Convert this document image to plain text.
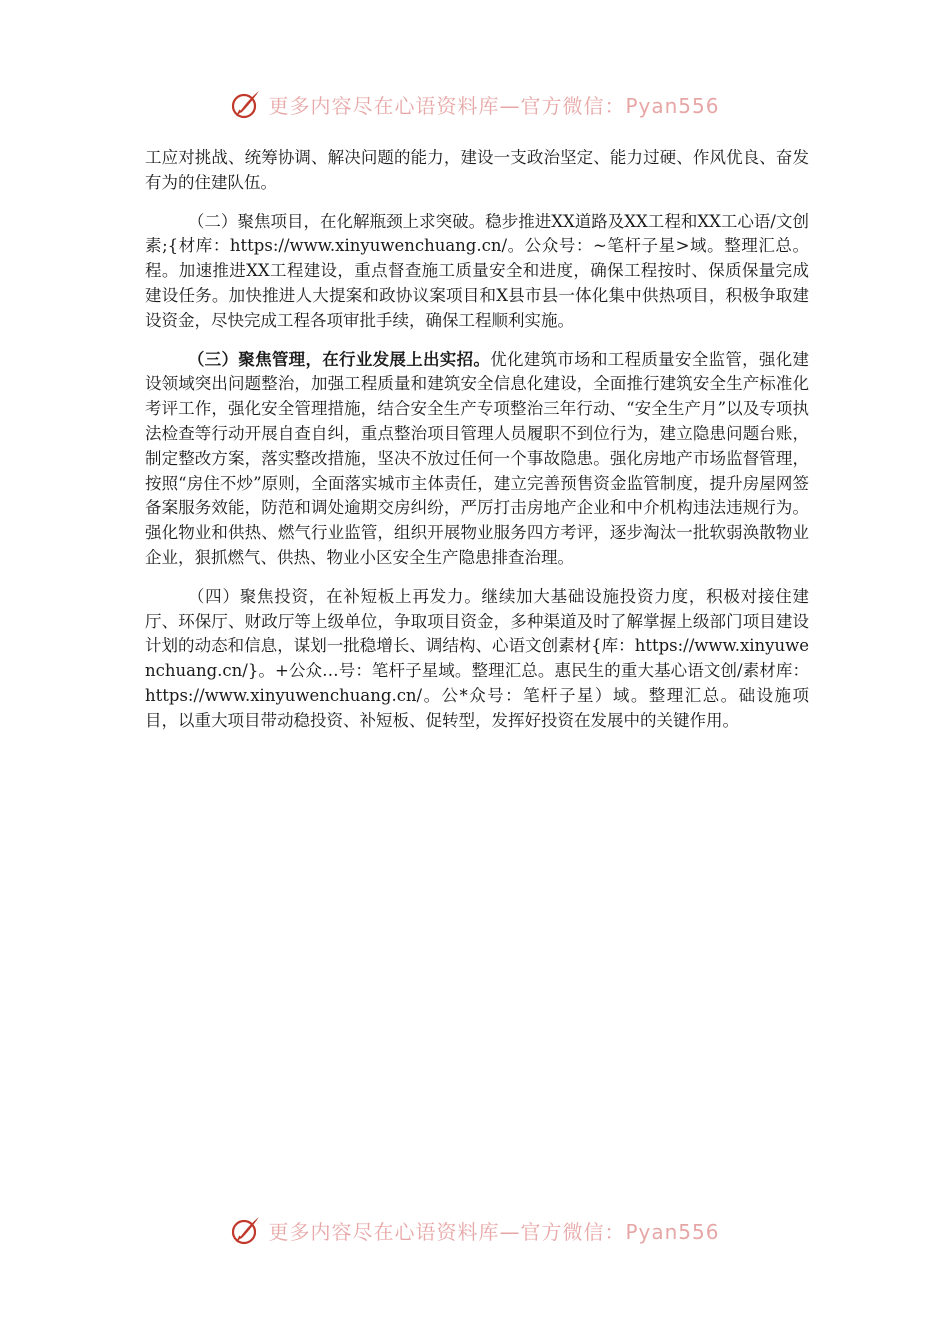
更多内容尽在心语资料库—官方微信：Pyan556

工应对挑战、统筹协调、解决问题的能力，建设一支政治坚定、能力过硬、作风优良、奋发有为的住建队伍。

（二）聚焦项目，在化解瓶颈上求突破。稳步推进XX道路及XX工程和XX工心语/文创素;{材库：https://www.xinyuwenchuang.cn/。公众号：~笔杆子星>域。整理汇总。程。加速推进XX工程建设，重点督查施工质量安全和进度，确保工程按时、保质保量完成建设任务。加快推进人大提案和政协议案项目和X县市县一体化集中供热项目，积极争取建设资金，尽快完成工程各项审批手续，确保工程顺利实施。

（三）聚焦管理，在行业发展上出实招。优化建筑市场和工程质量安全监管，强化建设领域突出问题整治，加强工程质量和建筑安全信息化建设，全面推行建筑安全生产标准化考评工作，强化安全管理措施，结合安全生产专项整治三年行动、“安全生产月”以及专项执法检查等行动开展自查自纠，重点整治项目管理人员履职不到位行为，建立隐患问题台账，制定整改方案，落实整改措施，坚决不放过任何一个事故隐患。强化房地产市场监督管理，按照“房住不炒”原则，全面落实城市主体责任，建立完善预售资金监管制度，提升房屋网签备案服务效能，防范和调处逾期交房纠纷，严厉打击房地产企业和中介机构违法违规行为。强化物业和供热、燃气行业监管，组织开展物业服务四方考评，逐步淘汰一批软弱涣散物业企业，狠抓燃气、供热、物业小区安全生产隐患排查治理。

（四）聚焦投资，在补短板上再发力。继续加大基础设施投资力度，积极对接住建厅、环保厅、财政厅等上级单位，争取项目资金，多种渠道及时了解掌握上级部门项目建设计划的动态和信息，谋划一批稳增长、调结构、心语文创素材{库：https://www.xinyuwenchuang.cn/}。+公众…号：笔杆子星域。整理汇总。惠民生的重大基心语文创/素材库：https://www.xinyuwenchuang.cn/。公*众号：笔杆子星）域。整理汇总。础设施项目，以重大项目带动稳投资、补短板、促转型，发挥好投资在发展中的关键作用。

更多内容尽在心语资料库—官方微信：Pyan556
